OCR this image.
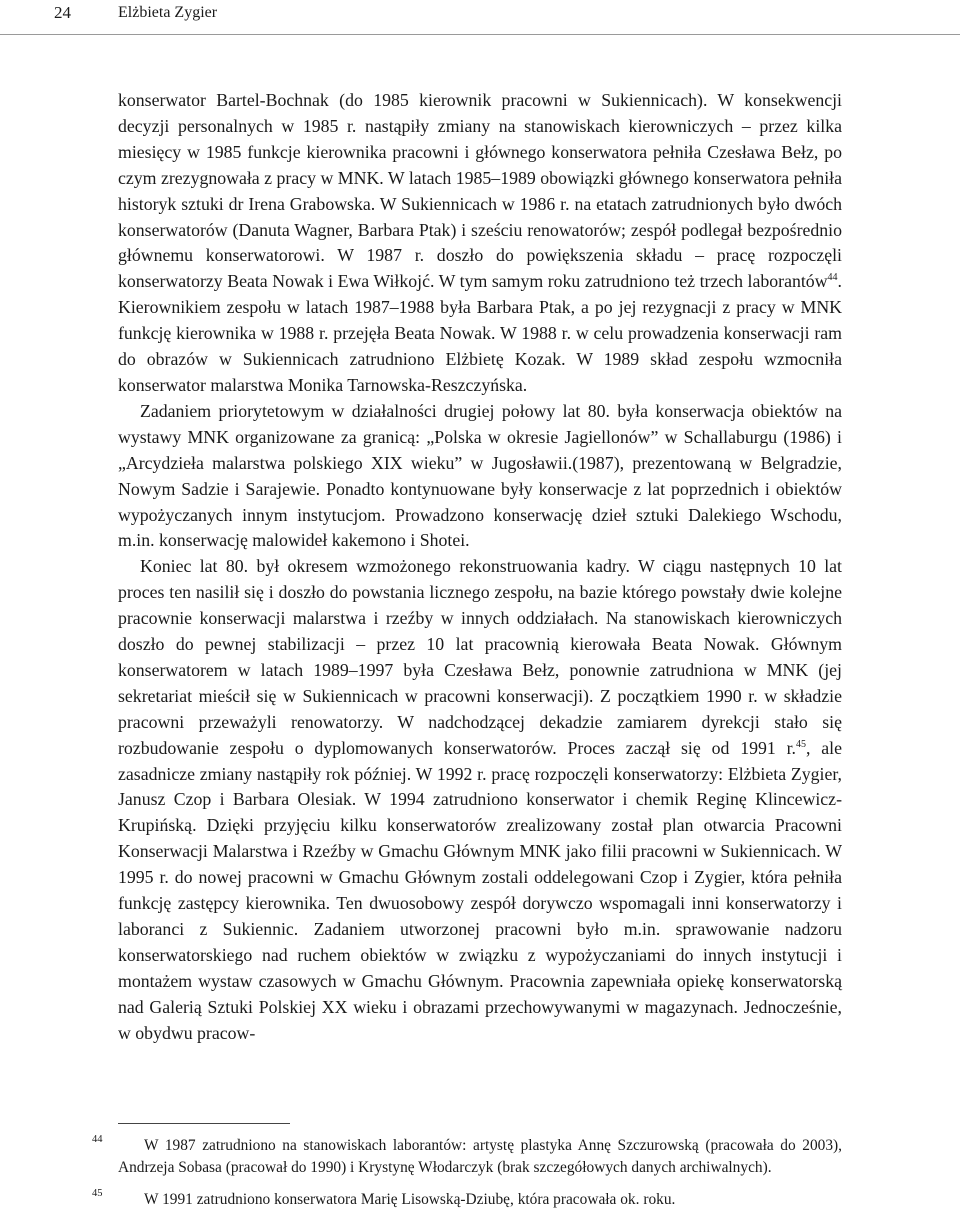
24	Elżbieta Zygier

konserwator Bartel-Bochnak (do 1985 kierownik pracowni w Sukiennicach). W konsekwencji decyzji personalnych w 1985 r. nastąpiły zmiany na stanowiskach kierowniczych – przez kilka miesięcy w 1985 funkcje kierownika pracowni i głównego konserwatora pełniła Czesława Bełz, po czym zrezygnowała z pracy w MNK. W latach 1985–1989 obowiązki głównego konserwatora pełniła historyk sztuki dr Irena Grabowska. W Sukiennicach w 1986 r. na etatach zatrudnionych było dwóch konserwatorów (Danuta Wagner, Barbara Ptak) i sześciu renowatorów; zespół podlegał bezpośrednio głównemu konserwatorowi. W 1987 r. doszło do powiększenia składu – pracę rozpoczęli konserwatorzy Beata Nowak i Ewa Wiłkojć. W tym samym roku zatrudniono też trzech laborantów$^{44}$. Kierownikiem zespołu w latach 1987–1988 była Barbara Ptak, a po jej rezygnacji z pracy w MNK funkcję kierownika w 1988 r. przejęła Beata Nowak. W 1988 r. w celu prowadzenia konserwacji ram do obrazów w Sukiennicach zatrudniono Elżbietę Kozak. W 1989 skład zespołu wzmocniła konserwator malarstwa Monika Tarnowska-Reszczyńska.

Zadaniem priorytetowym w działalności drugiej połowy lat 80. była konserwacja obiektów na wystawy MNK organizowane za granicą: „Polska w okresie Jagiellonów” w Schallaburgu (1986) i „Arcydzieła malarstwa polskiego XIX wieku” w Jugosławii.(1987), prezentowaną w Belgradzie, Nowym Sadzie i Sarajewie. Ponadto kontynuowane były konserwacje z lat poprzednich i obiektów wypożyczanych innym instytucjom. Prowadzono konserwację dzieł sztuki Dalekiego Wschodu, m.in. konserwację malowideł kakemono i Shotei.

Koniec lat 80. był okresem wzmożonego rekonstruowania kadry. W ciągu następnych 10 lat proces ten nasilił się i doszło do powstania licznego zespołu, na bazie którego powstały dwie kolejne pracownie konserwacji malarstwa i rzeźby w innych oddziałach. Na stanowiskach kierowniczych doszło do pewnej stabilizacji – przez 10 lat pracownią kierowała Beata Nowak. Głównym konserwatorem w latach 1989–1997 była Czesława Bełz, ponownie zatrudniona w MNK (jej sekretariat mieścił się w Sukiennicach w pracowni konserwacji). Z początkiem 1990 r. w składzie pracowni przeważyli renowatorzy. W nadchodzącej dekadzie zamiarem dyrekcji stało się rozbudowanie zespołu o dyplomowanych konserwatorów. Proces zaczął się od 1991 r.$^{45}$, ale zasadnicze zmiany nastąpiły rok później. W 1992 r. pracę rozpoczęli konserwatorzy: Elżbieta Zygier, Janusz Czop i Barbara Olesiak. W 1994 zatrudniono konserwator i chemik Reginę Klincewicz-Krupińską. Dzięki przyjęciu kilku konserwatorów zrealizowany został plan otwarcia Pracowni Konserwacji Malarstwa i Rzeźby w Gmachu Głównym MNK jako filii pracowni w Sukiennicach. W 1995 r. do nowej pracowni w Gmachu Głównym zostali oddelegowani Czop i Zygier, która pełniła funkcję zastępcy kierownika. Ten dwuosobowy zespół dorywczo wspomagali inni konserwatorzy i laboranci z Sukiennic. Zadaniem utworzonej pracowni było m.in. sprawowanie nadzoru konserwatorskiego nad ruchem obiektów w związku z wypożyczaniami do innych instytucji i montażem wystaw czasowych w Gmachu Głównym. Pracownia zapewniała opiekę konserwatorską nad Galerią Sztuki Polskiej XX wieku i obrazami przechowywanymi w magazynach. Jednocześnie, w obydwu pracow-

44	W 1987 zatrudniono na stanowiskach laborantów: artystę plastyka Annę Szczurowską (pracowała do 2003), Andrzeja Sobasa (pracował do 1990) i Krystynę Włodarczyk (brak szczegółowych danych archiwalnych).

45	W 1991 zatrudniono konserwatora Marię Lisowską-Dziubę, która pracowała ok. roku.
